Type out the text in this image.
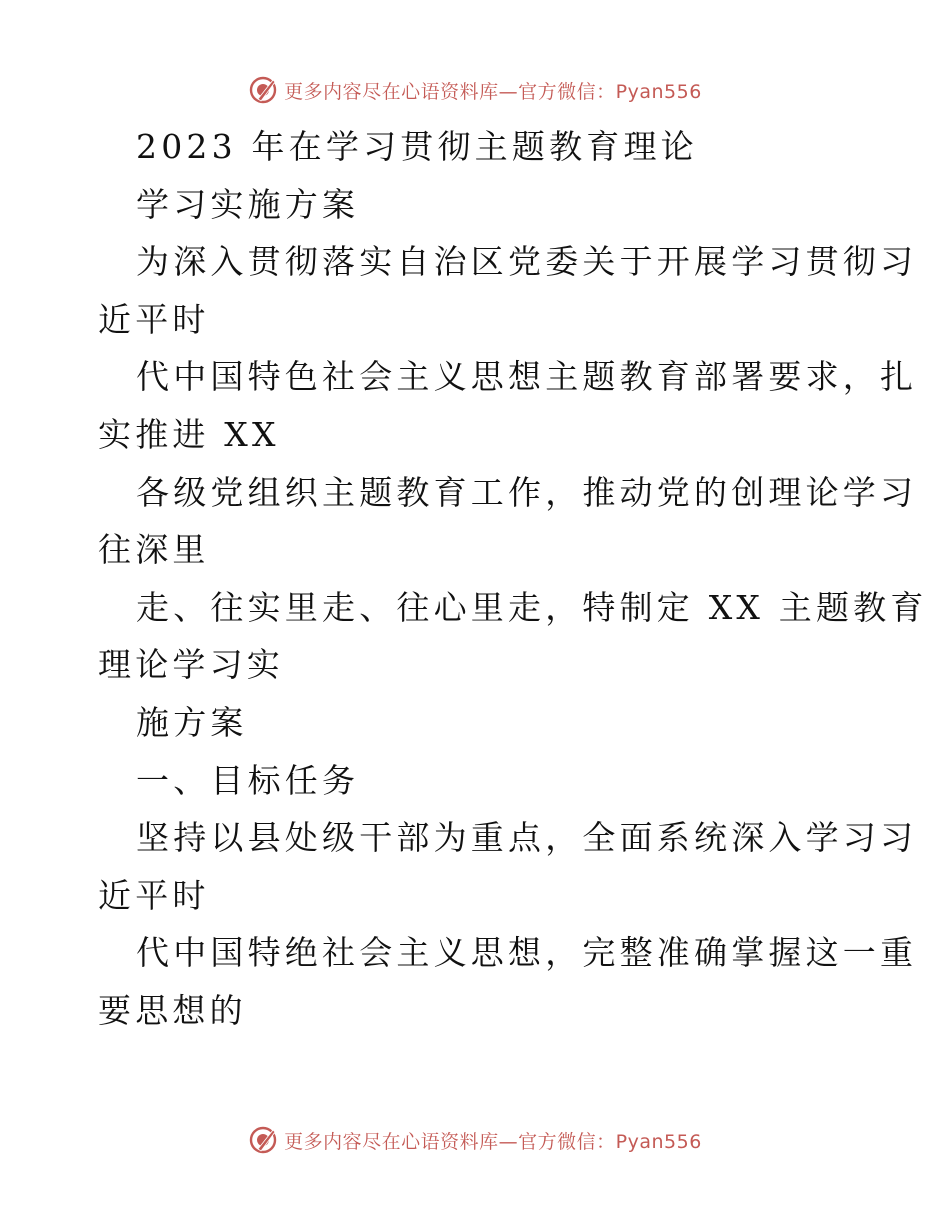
更多内容尽在心语资料库—官方微信：Pyan556
2023 年在学习贯彻主题教育理论
学习实施方案
为深入贯彻落实自治区党委关于开展学习贯彻习
近平时
代中国特色社会主义思想主题教育部署要求，扎
实推进 XX
各级党组织主题教育工作，推动党的创理论学习
往深里
走、往实里走、往心里走，特制定 XX 主题教育
理论学习实
施方案
一、目标任务
坚持以县处级干部为重点，全面系统深入学习习
近平时
代中国特绝社会主义思想，完整准确掌握这一重
要思想的
更多内容尽在心语资料库—官方微信：Pyan556
